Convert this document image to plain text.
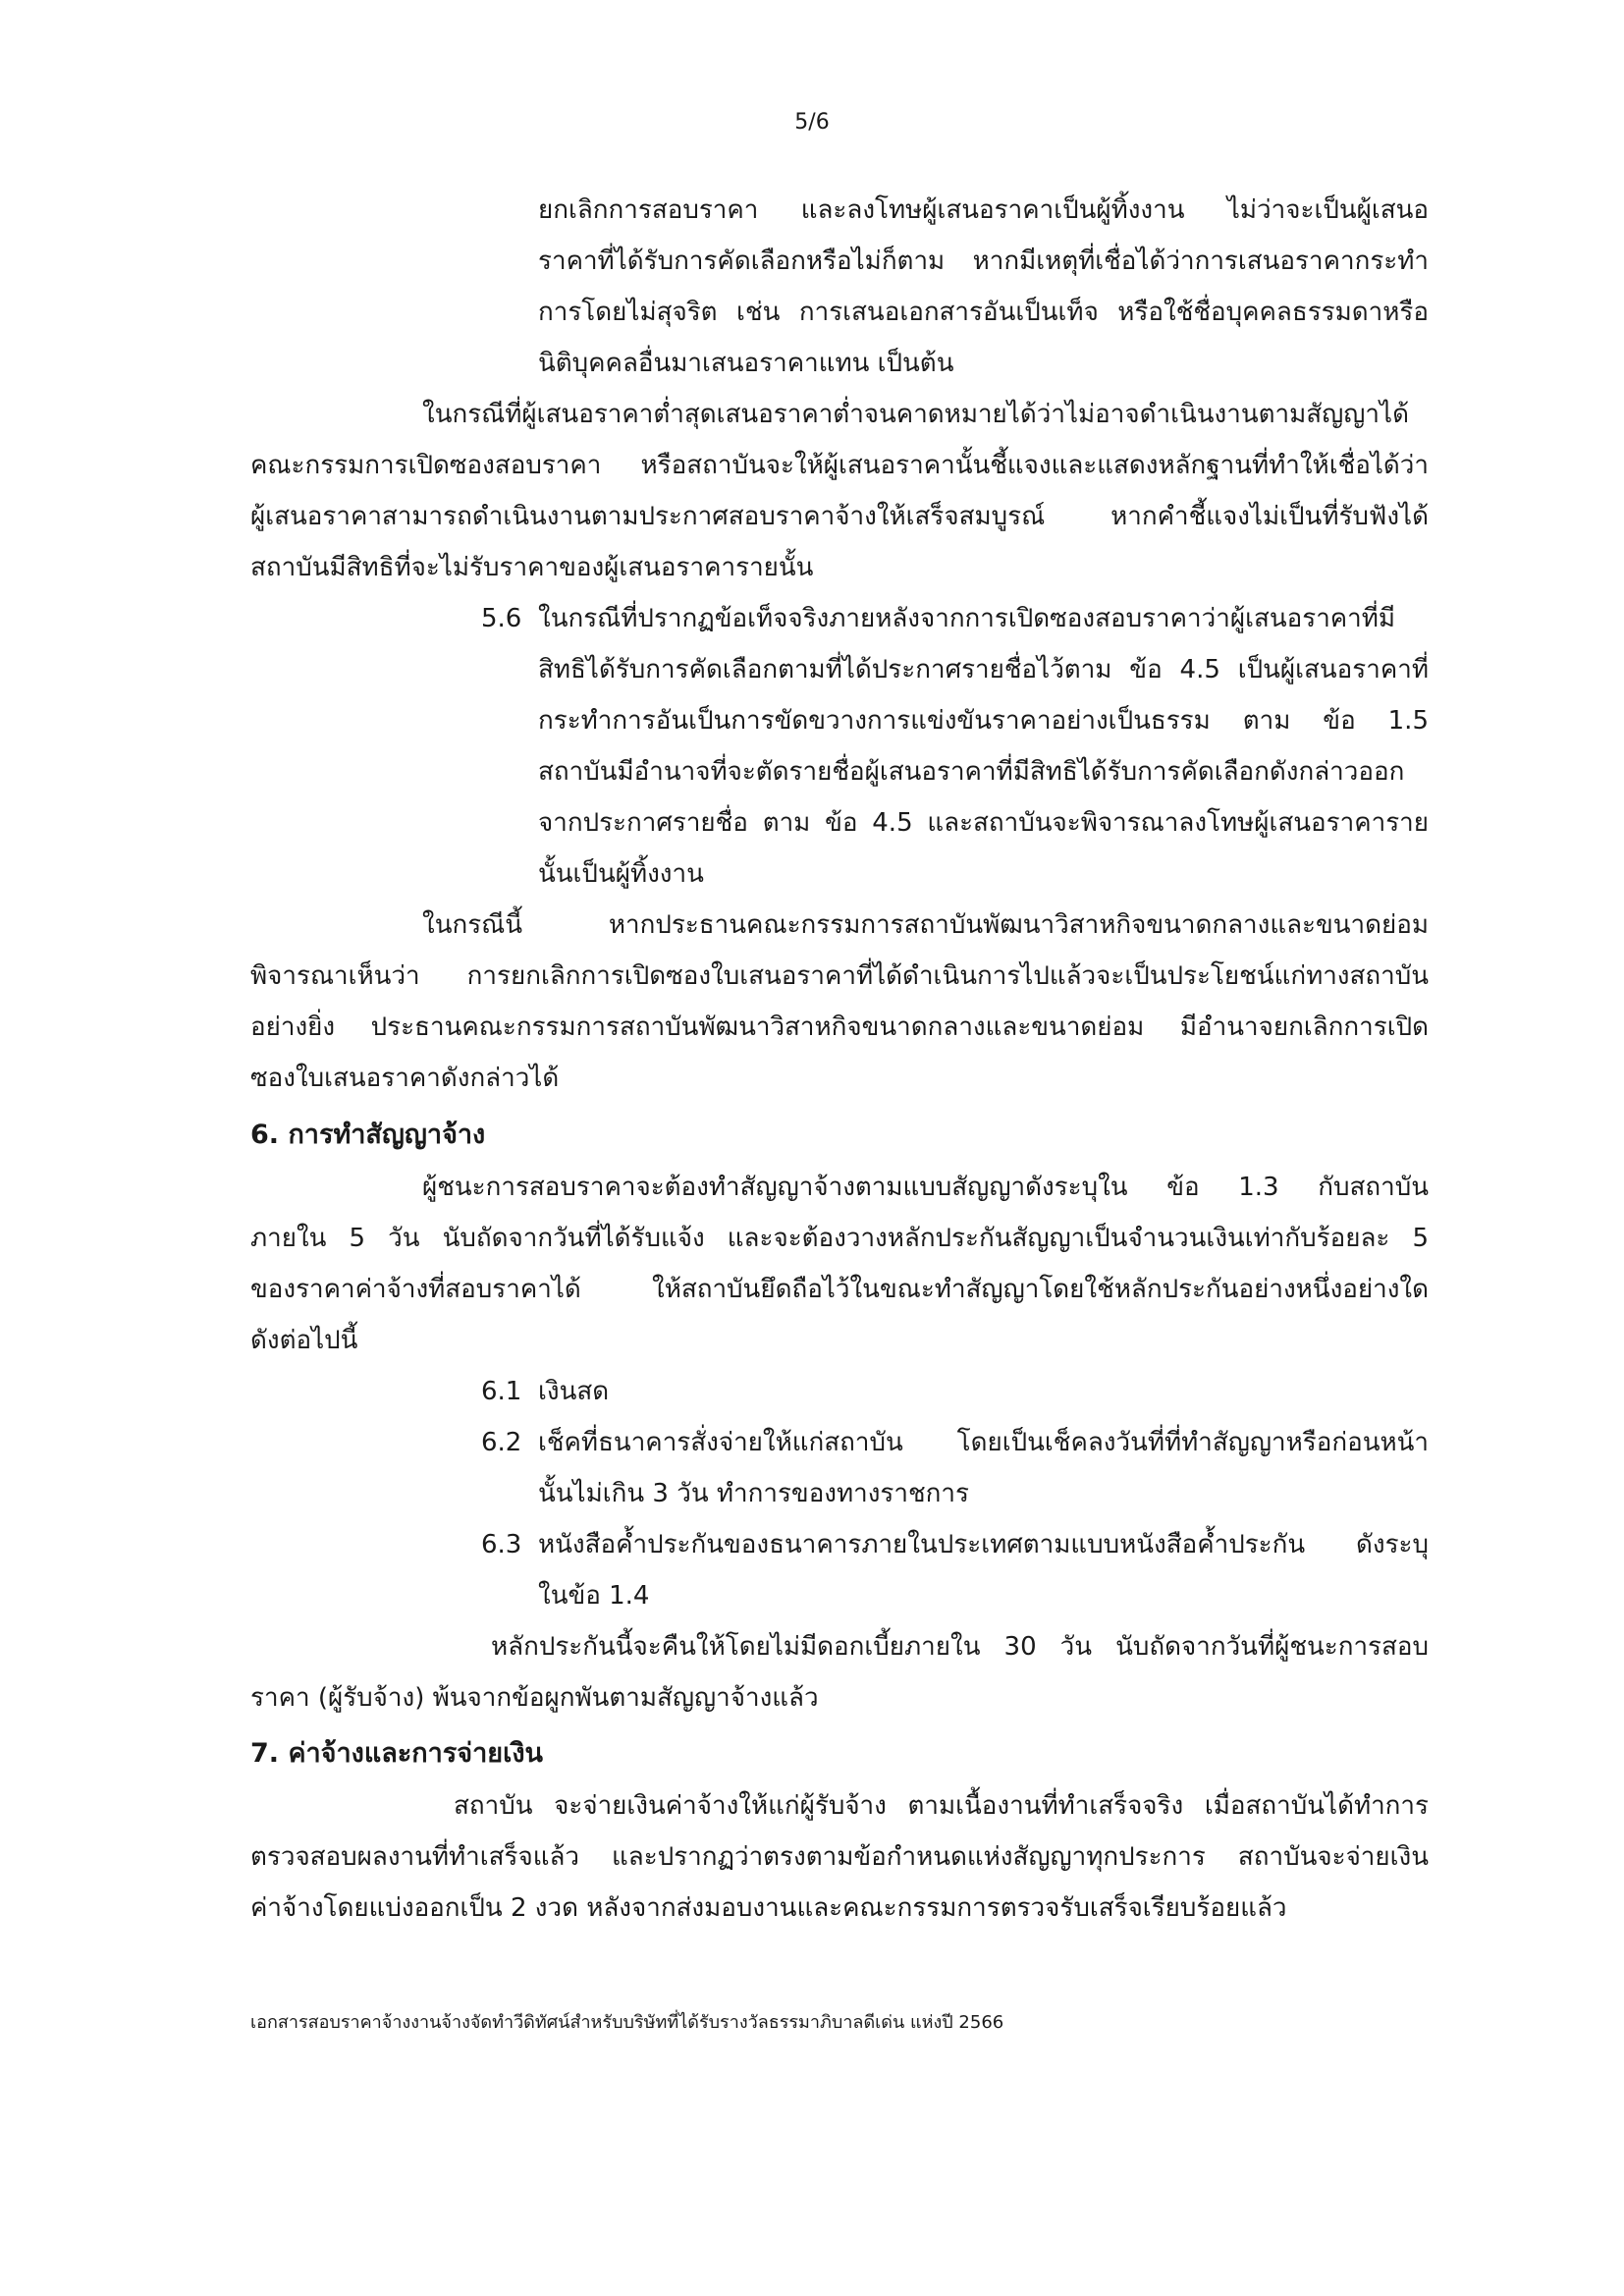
5/6
ยกเลิกการสอบราคา และลงโทษผู้เสนอราคาเป็นผู้ทิ้งงาน ไม่ว่าจะเป็นผู้เสนอ
ราคาที่ได้รับการคัดเลือกหรือไม่ก็ตาม หากมีเหตุที่เชื่อได้ว่าการเสนอราคากระทำ
การโดยไม่สุจริต เช่น การเสนอเอกสารอันเป็นเท็จ หรือใช้ชื่อบุคคลธรรมดาหรือ
นิติบุคคลอื่นมาเสนอราคาแทน เป็นต้น
ในกรณีที่ผู้เสนอราคาต่ำสุดเสนอราคาต่ำจนคาดหมายได้ว่าไม่อาจดำเนินงานตามสัญญาได้
คณะกรรมการเปิดซองสอบราคา หรือสถาบันจะให้ผู้เสนอราคานั้นชี้แจงและแสดงหลักฐานที่ทำให้เชื่อได้ว่า
ผู้เสนอราคาสามารถดำเนินงานตามประกาศสอบราคาจ้างให้เสร็จสมบูรณ์ หากคำชี้แจงไม่เป็นที่รับฟังได้
สถาบันมีสิทธิที่จะไม่รับราคาของผู้เสนอราคารายนั้น
5.6 ในกรณีที่ปรากฏข้อเท็จจริงภายหลังจากการเปิดซองสอบราคาว่าผู้เสนอราคาที่มี
สิทธิได้รับการคัดเลือกตามที่ได้ประกาศรายชื่อไว้ตาม ข้อ 4.5 เป็นผู้เสนอราคาที่
กระทำการอันเป็นการขัดขวางการแข่งขันราคาอย่างเป็นธรรม ตาม ข้อ 1.5
สถาบันมีอำนาจที่จะตัดรายชื่อผู้เสนอราคาที่มีสิทธิได้รับการคัดเลือกดังกล่าวออก
จากประกาศรายชื่อ ตาม ข้อ 4.5 และสถาบันจะพิจารณาลงโทษผู้เสนอราคาราย
นั้นเป็นผู้ทิ้งงาน
ในกรณีนี้ หากประธานคณะกรรมการสถาบันพัฒนาวิสาหกิจขนาดกลางและขนาดย่อม
พิจารณาเห็นว่า การยกเลิกการเปิดซองใบเสนอราคาที่ได้ดำเนินการไปแล้วจะเป็นประโยชน์แก่ทางสถาบัน
อย่างยิ่ง ประธานคณะกรรมการสถาบันพัฒนาวิสาหกิจขนาดกลางและขนาดย่อม มีอำนาจยกเลิกการเปิด
ซองใบเสนอราคาดังกล่าวได้
6. การทำสัญญาจ้าง
ผู้ชนะการสอบราคาจะต้องทำสัญญาจ้างตามแบบสัญญาดังระบุใน ข้อ 1.3 กับสถาบัน
ภายใน 5 วัน นับถัดจากวันที่ได้รับแจ้ง และจะต้องวางหลักประกันสัญญาเป็นจำนวนเงินเท่ากับร้อยละ 5
ของราคาค่าจ้างที่สอบราคาได้ ให้สถาบันยึดถือไว้ในขณะทำสัญญาโดยใช้หลักประกันอย่างหนึ่งอย่างใด
ดังต่อไปนี้
6.1 เงินสด
6.2 เช็คที่ธนาคารสั่งจ่ายให้แก่สถาบัน โดยเป็นเช็คลงวันที่ที่ทำสัญญาหรือก่อนหน้า
นั้นไม่เกิน 3 วัน ทำการของทางราชการ
6.3 หนังสือค้ำประกันของธนาคารภายในประเทศตามแบบหนังสือค้ำประกัน ดังระบุ
ในข้อ 1.4
หลักประกันนี้จะคืนให้โดยไม่มีดอกเบี้ยภายใน 30 วัน นับถัดจากวันที่ผู้ชนะการสอบ
ราคา (ผู้รับจ้าง) พ้นจากข้อผูกพันตามสัญญาจ้างแล้ว
7. ค่าจ้างและการจ่ายเงิน
สถาบัน จะจ่ายเงินค่าจ้างให้แก่ผู้รับจ้าง ตามเนื้องานที่ทำเสร็จจริง เมื่อสถาบันได้ทำการ
ตรวจสอบผลงานที่ทำเสร็จแล้ว และปรากฏว่าตรงตามข้อกำหนดแห่งสัญญาทุกประการ สถาบันจะจ่ายเงิน
ค่าจ้างโดยแบ่งออกเป็น 2 งวด หลังจากส่งมอบงานและคณะกรรมการตรวจรับเสร็จเรียบร้อยแล้ว
เอกสารสอบราคาจ้างงานจ้างจัดทำวีดิทัศน์สำหรับบริษัทที่ได้รับรางวัลธรรมาภิบาลดีเด่น แห่งปี 2566
